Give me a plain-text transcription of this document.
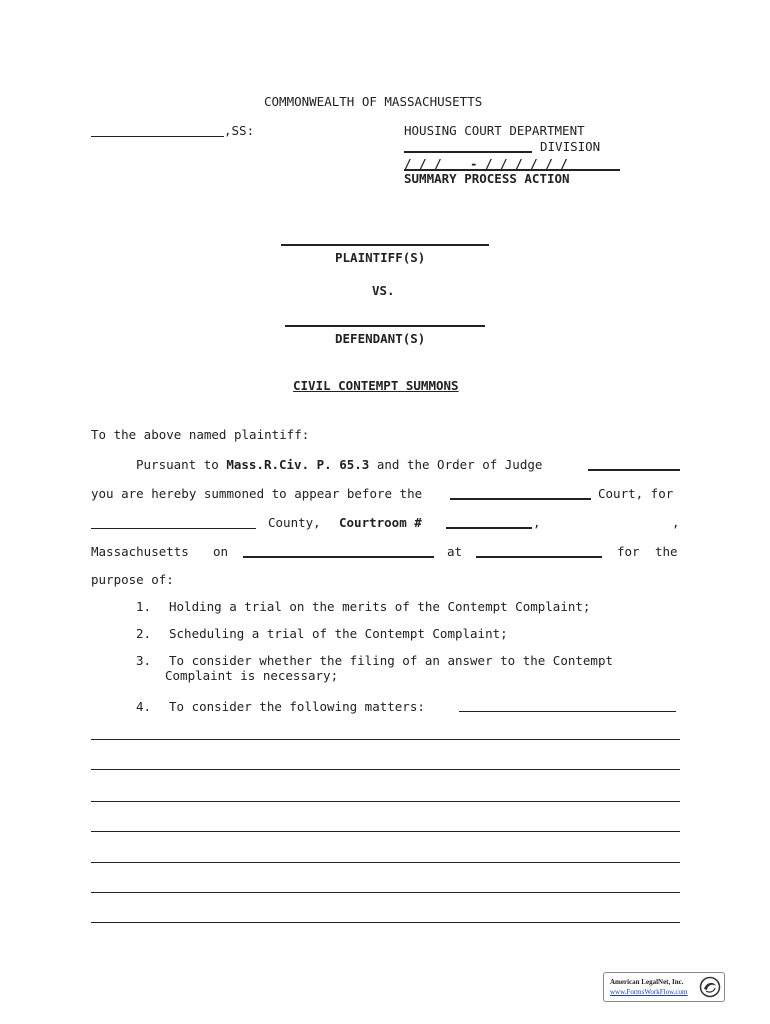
COMMONWEALTH OF MASSACHUSETTS
,SS:	HOUSING COURT DEPARTMENT
DIVISION
/ / / - / / / / / /
SUMMARY PROCESS ACTION
PLAINTIFF(S)
VS.
DEFENDANT(S)
CIVIL CONTEMPT SUMMONS
To the above named plaintiff:
Pursuant to Mass.R.Civ. P. 65.3 and the Order of Judge
you are hereby summoned to appear before the	Court, for
County, Courtroom #	,	,
Massachusetts on	at	for the
purpose of:
1. Holding a trial on the merits of the Contempt Complaint;
2. Scheduling a trial of the Contempt Complaint;
3. To consider whether the filing of an answer to the Contempt
Complaint is necessary;
4. To consider the following matters:
American LegalNet, Inc.
www.FormsWorkFlow.com
